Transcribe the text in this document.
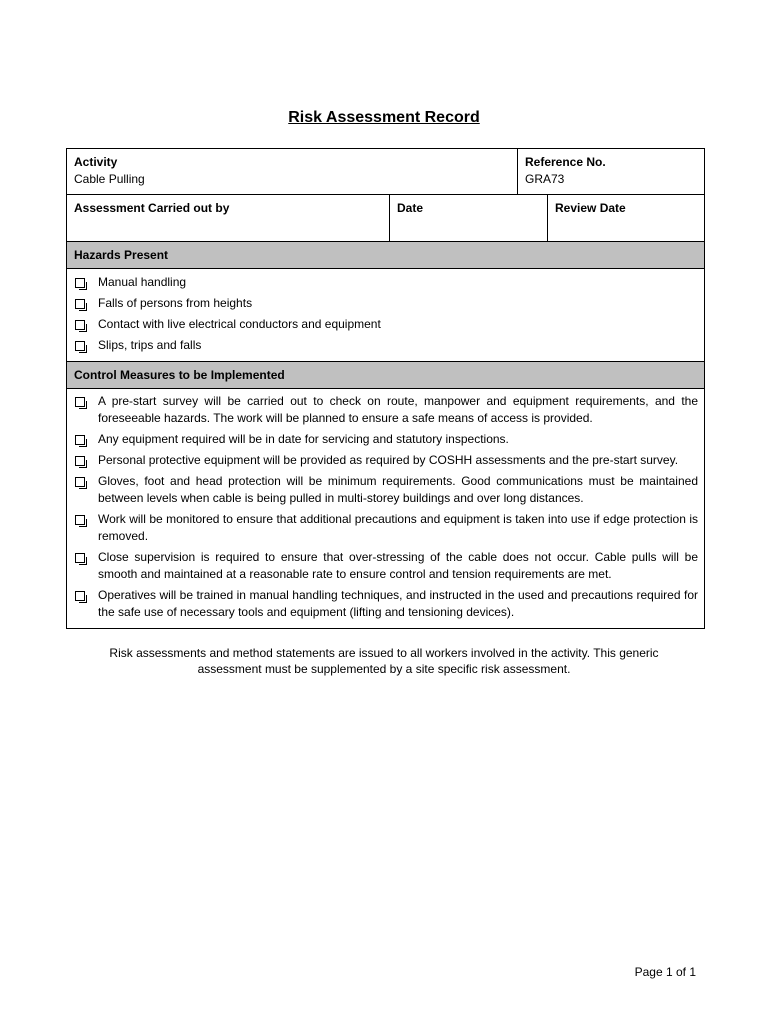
Risk Assessment Record
Activity
Cable Pulling
Reference No.
GRA73
Assessment Carried out by	Date	Review Date
Hazards Present
Manual handling
Falls of persons from heights
Contact with live electrical conductors and equipment
Slips, trips and falls
Control Measures to be Implemented
A pre-start survey will be carried out to check on route, manpower and equipment requirements, and the foreseeable hazards. The work will be planned to ensure a safe means of access is provided.
Any equipment required will be in date for servicing and statutory inspections.
Personal protective equipment will be provided as required by COSHH assessments and the pre-start survey.
Gloves, foot and head protection will be minimum requirements. Good communications must be maintained between levels when cable is being pulled in multi-storey buildings and over long distances.
Work will be monitored to ensure that additional precautions and equipment is taken into use if edge protection is removed.
Close supervision is required to ensure that over-stressing of the cable does not occur. Cable pulls will be smooth and maintained at a reasonable rate to ensure control and tension requirements are met.
Operatives will be trained in manual handling techniques, and instructed in the used and precautions required for the safe use of necessary tools and equipment (lifting and tensioning devices).
Risk assessments and method statements are issued to all workers involved in the activity. This generic assessment must be supplemented by a site specific risk assessment.
Page 1 of 1
